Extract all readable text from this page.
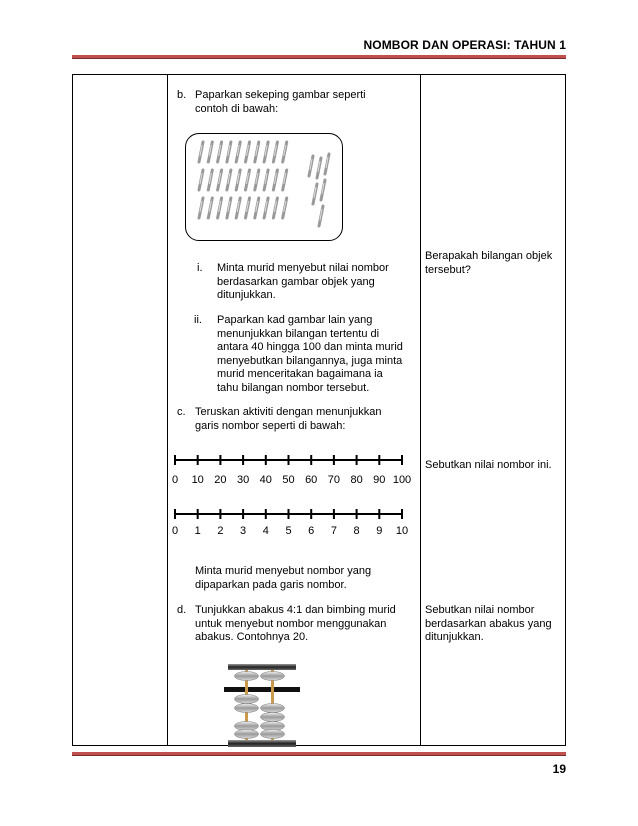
NOMBOR DAN OPERASI: TAHUN 1
b. Paparkan sekeping gambar seperti
contoh di bawah:
i. Minta murid menyebut nilai nombor
berdasarkan gambar objek yang
ditunjukkan.
ii. Paparkan kad gambar lain yang
menunjukkan bilangan tertentu di
antara 40 hingga 100 dan minta murid
menyebutkan bilangannya, juga minta
murid menceritakan bagaimana ia
tahu bilangan nombor tersebut.
c. Teruskan aktiviti dengan menunjukkan
garis nombor seperti di bawah:
0 10 20 30 40 50 60 70 80 90 100
0 1 2 3 4 5 6 7 8 9 10
Minta murid menyebut nombor yang
dipaparkan pada garis nombor.
d. Tunjukkan abakus 4:1 dan bimbing murid
untuk menyebut nombor menggunakan
abakus. Contohnya 20.
Berapakah bilangan objek
tersebut?
Sebutkan nilai nombor ini.
Sebutkan nilai nombor
berdasarkan abakus yang
ditunjukkan.
19
